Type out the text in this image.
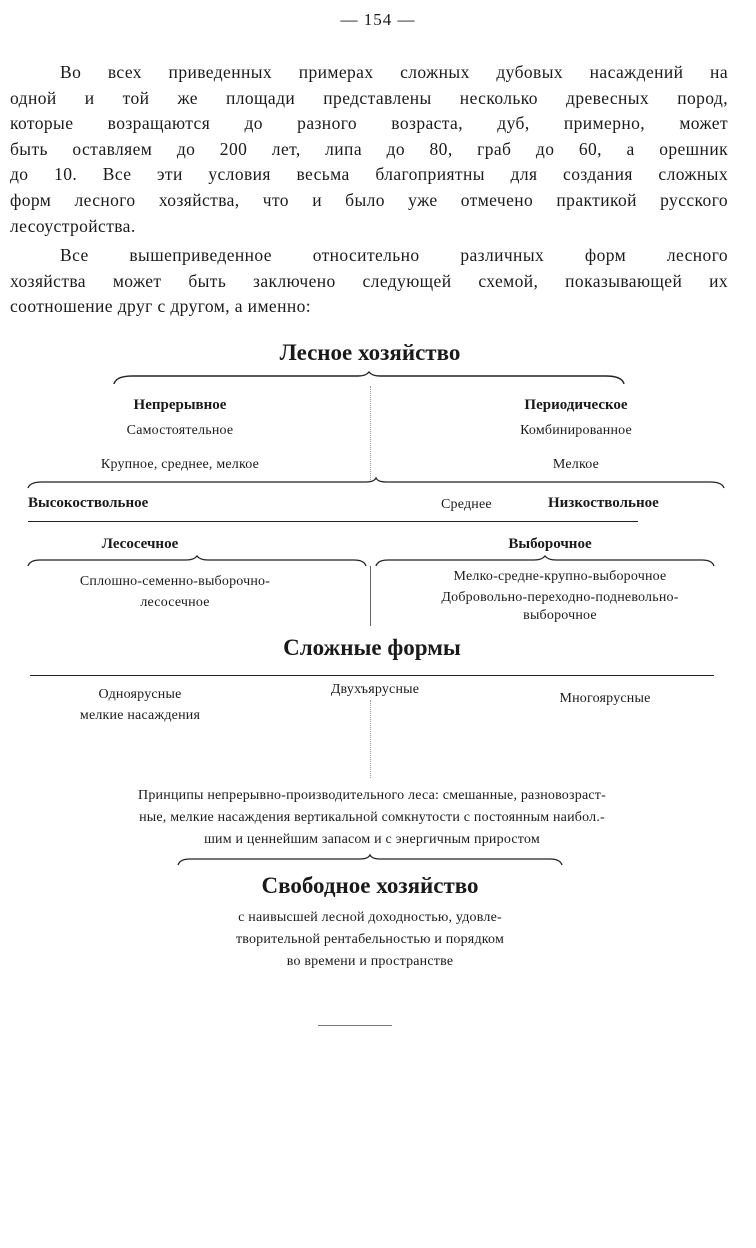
— 154 —
Во всех приведенных примерах сложных дубовых насаждений на
одной и той же площади представлены несколько древесных пород,
которые возращаются до разного возраста, дуб, примерно, может
быть оставляем до 200 лет, липа до 80, граб до 60, а орешник
до 10. Все эти условия весьма благоприятны для создания сложных
форм лесного хозяйства, что и было уже отмечено практикой русского
лесоустройства.
Все вышеприведенное относительно различных форм лесного
хозяйства может быть заключено следующей схемой, показывающей их
соотношение друг с другом, а именно:
Лесное хозяйство
Непрерывное
Самостоятельное
Крупное, среднее, мелкое
Периодическое
Комбинированное
Мелкое
Высокоствольное	Среднее	Низкоствольное
Лесосечное	Выборочное
Сплошно-семенно-выборочно-
лесосечное
Мелко-средне-крупно-выборочное
Добровольно-переходно-подневольно-
выборочное
Сложные формы
Одноярусные
мелкие насаждения
Двухъярусные
Многоярусные
Принципы непрерывно-производительного леса: смешанные, разновозраст-
ные, мелкие насаждения вертикальной сомкнутости с постоянным наибол.-
шим и ценнейшим запасом и с энергичным приростом
Свободное хозяйство
с наивысшей лесной доходностью, удовле-
творительной рентабельностью и порядком
во времени и пространстве
